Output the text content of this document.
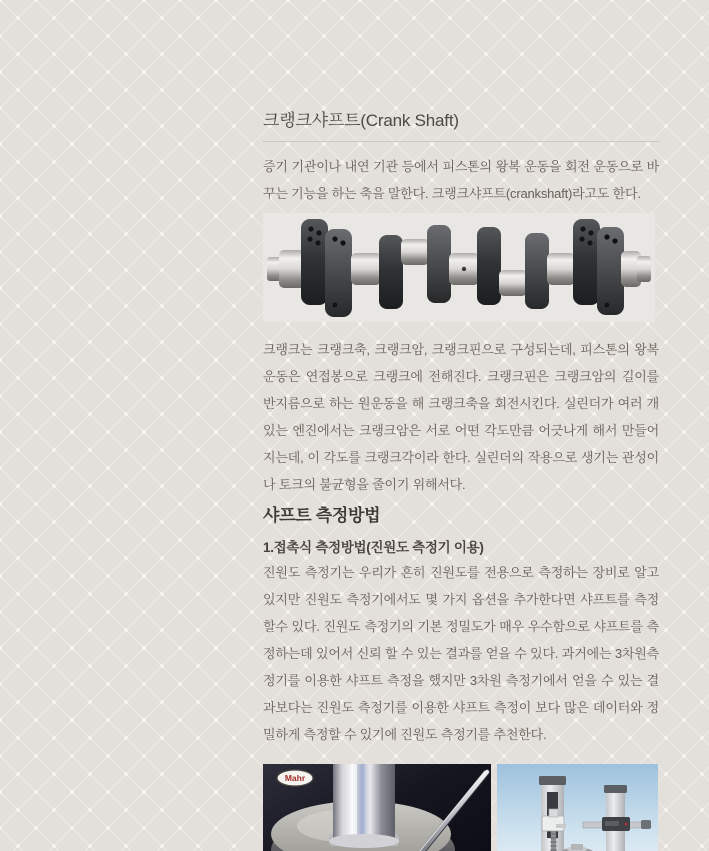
크랭크샤프트(Crank Shaft)

증기 기관이나 내연 기관 등에서 피스톤의 왕복 운동을 회전 운동으로 바꾸는 기능을 하는 축을 말한다. 크랭크샤프트(crankshaft)라고도 한다.

크랭크는 크랭크축, 크랭크암, 크랭크핀으로 구성되는데, 피스톤의 왕복 운동은 연접봉으로 크랭크에 전해진다. 크랭크핀은 크랭크암의 길이를 반지름으로 하는 원운동을 해 크랭크축을 회전시킨다. 실린더가 여러 개 있는 엔진에서는 크랭크암은 서로 어떤 각도만큼 어긋나게 해서 만들어지는데, 이 각도를 크랭크각이라 한다. 실린더의 작용으로 생기는 관성이나 토크의 불균형을 줄이기 위해서다.

샤프트 측정방법
1.접촉식 측정방법(진원도 측정기 이용)

진원도 측정기는 우리가 흔히 진원도를 전용으로 측정하는 장비로 알고 있지만 진원도 측정기에서도 몇 가지 옵션을 추가한다면 샤프트를 측정할수 있다. 진원도 측정기의 기본 정밀도가 매우 우수함으로 샤프트를 측정하는데 있어서 신뢰 할 수 있는 결과를 얻을 수 있다. 과거에는 3차원측정기를 이용한 샤프트 측정을 했지만 3차원 측정기에서 얻을 수 있는 결과보다는 진원도 측정기를 이용한 샤프트 측정이 보다 많은 데이터와 정밀하게 측정할 수 있기에 진원도 측정기를 추천한다.

Mahr
